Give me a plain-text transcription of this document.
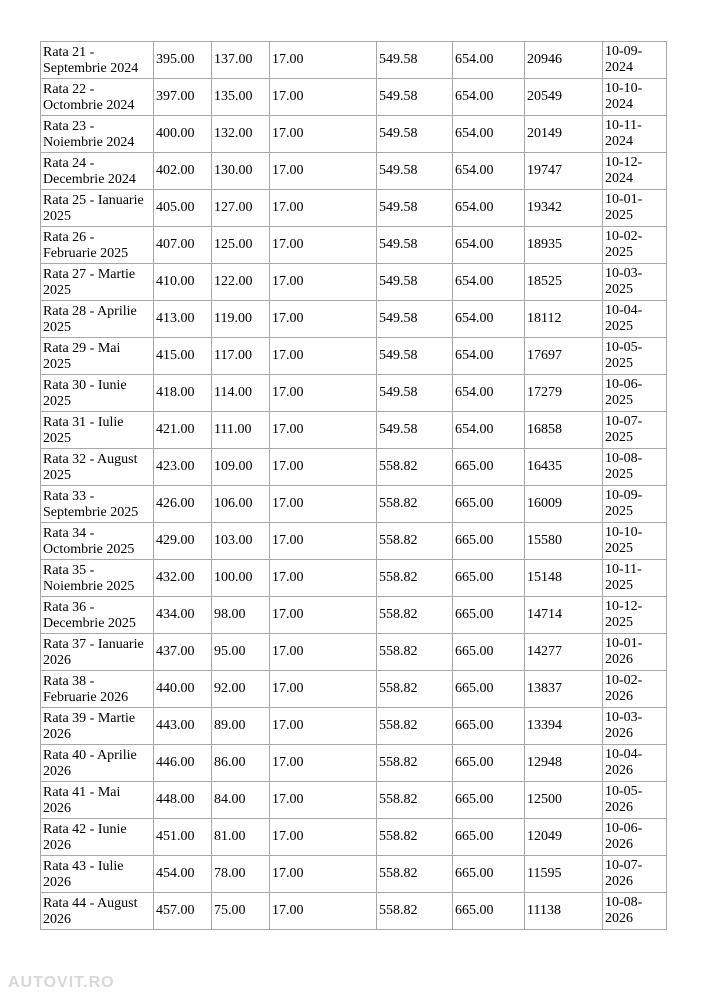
Rata 21 - Septembrie 2024	395.00	137.00	17.00	549.58	654.00	20946	10-09-2024
Rata 22 - Octombrie 2024	397.00	135.00	17.00	549.58	654.00	20549	10-10-2024
Rata 23 - Noiembrie 2024	400.00	132.00	17.00	549.58	654.00	20149	10-11-2024
Rata 24 - Decembrie 2024	402.00	130.00	17.00	549.58	654.00	19747	10-12-2024
Rata 25 - Ianuarie 2025	405.00	127.00	17.00	549.58	654.00	19342	10-01-2025
Rata 26 - Februarie 2025	407.00	125.00	17.00	549.58	654.00	18935	10-02-2025
Rata 27 - Martie 2025	410.00	122.00	17.00	549.58	654.00	18525	10-03-2025
Rata 28 - Aprilie 2025	413.00	119.00	17.00	549.58	654.00	18112	10-04-2025
Rata 29 - Mai 2025	415.00	117.00	17.00	549.58	654.00	17697	10-05-2025
Rata 30 - Iunie 2025	418.00	114.00	17.00	549.58	654.00	17279	10-06-2025
Rata 31 - Iulie 2025	421.00	111.00	17.00	549.58	654.00	16858	10-07-2025
Rata 32 - August 2025	423.00	109.00	17.00	558.82	665.00	16435	10-08-2025
Rata 33 - Septembrie 2025	426.00	106.00	17.00	558.82	665.00	16009	10-09-2025
Rata 34 - Octombrie 2025	429.00	103.00	17.00	558.82	665.00	15580	10-10-2025
Rata 35 - Noiembrie 2025	432.00	100.00	17.00	558.82	665.00	15148	10-11-2025
Rata 36 - Decembrie 2025	434.00	98.00	17.00	558.82	665.00	14714	10-12-2025
Rata 37 - Ianuarie 2026	437.00	95.00	17.00	558.82	665.00	14277	10-01-2026
Rata 38 - Februarie 2026	440.00	92.00	17.00	558.82	665.00	13837	10-02-2026
Rata 39 - Martie 2026	443.00	89.00	17.00	558.82	665.00	13394	10-03-2026
Rata 40 - Aprilie 2026	446.00	86.00	17.00	558.82	665.00	12948	10-04-2026
Rata 41 - Mai 2026	448.00	84.00	17.00	558.82	665.00	12500	10-05-2026
Rata 42 - Iunie 2026	451.00	81.00	17.00	558.82	665.00	12049	10-06-2026
Rata 43 - Iulie 2026	454.00	78.00	17.00	558.82	665.00	11595	10-07-2026
Rata 44 - August 2026	457.00	75.00	17.00	558.82	665.00	11138	10-08-2026
AUTOVIT.RO
